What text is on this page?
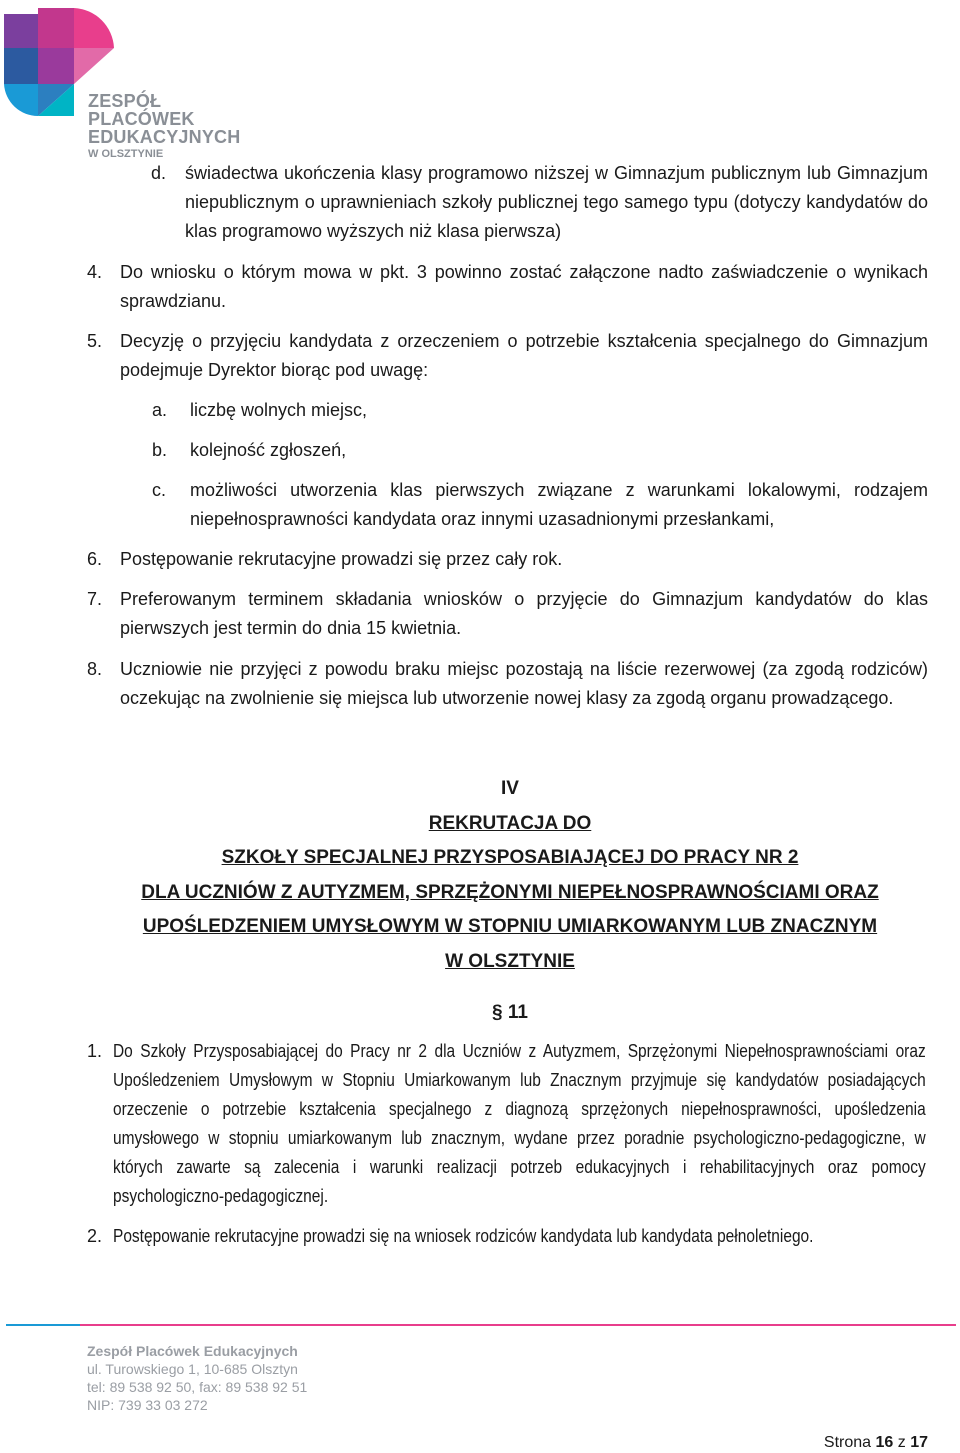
ZESPÓŁ
PLACÓWEK
EDUKACYJNYCH
W OLSZTYNIE
d. świadectwa ukończenia klasy programowo niższej w Gimnazjum publicznym lub Gimnazjum niepublicznym o uprawnieniach szkoły publicznej tego samego typu (dotyczy kandydatów do klas programowo wyższych niż klasa pierwsza)
4. Do wniosku o którym mowa w pkt. 3 powinno zostać załączone nadto zaświadczenie o wynikach sprawdzianu.
5. Decyzję o przyjęciu kandydata z orzeczeniem o potrzebie kształcenia specjalnego do Gimnazjum podejmuje Dyrektor biorąc pod uwagę:
a. liczbę wolnych miejsc,
b. kolejność zgłoszeń,
c. możliwości utworzenia klas pierwszych związane z warunkami lokalowymi, rodzajem niepełnosprawności kandydata oraz innymi uzasadnionymi przesłankami,
6. Postępowanie rekrutacyjne prowadzi się przez cały rok.
7. Preferowanym terminem składania wniosków o przyjęcie do Gimnazjum kandydatów do klas pierwszych jest termin do dnia 15 kwietnia.
8. Uczniowie nie przyjęci z powodu braku miejsc pozostają na liście rezerwowej (za zgodą rodziców) oczekując na zwolnienie się miejsca lub utworzenie nowej klasy za zgodą organu prowadzącego.
IV
REKRUTACJA DO
SZKOŁY SPECJALNEJ PRZYSPOSABIAJĄCEJ DO PRACY NR 2
DLA UCZNIÓW Z AUTYZMEM, SPRZĘŻONYMI NIEPEŁNOSPRAWNOŚCIAMI ORAZ
UPOŚLEDZENIEM UMYSŁOWYM W STOPNIU UMIARKOWANYM LUB ZNACZNYM
W OLSZTYNIE
§ 11
1. Do Szkoły Przysposabiającej do Pracy nr 2 dla Uczniów z Autyzmem, Sprzężonymi Niepełnosprawnościami oraz Upośledzeniem Umysłowym w Stopniu Umiarkowanym lub Znacznym przyjmuje się kandydatów posiadających orzeczenie o potrzebie kształcenia specjalnego z diagnozą sprzężonych niepełnosprawności, upośledzenia umysłowego w stopniu umiarkowanym lub znacznym, wydane przez poradnie psychologiczno-pedagogiczne, w których zawarte są zalecenia i warunki realizacji potrzeb edukacyjnych i rehabilitacyjnych oraz pomocy psychologiczno-pedagogicznej.
2. Postępowanie rekrutacyjne prowadzi się na wniosek rodziców kandydata lub kandydata pełnoletniego.
Zespół Placówek Edukacyjnych
ul. Turowskiego 1, 10-685 Olsztyn
tel: 89 538 92 50, fax: 89 538 92 51
NIP: 739 33 03 272
Strona 16 z 17
